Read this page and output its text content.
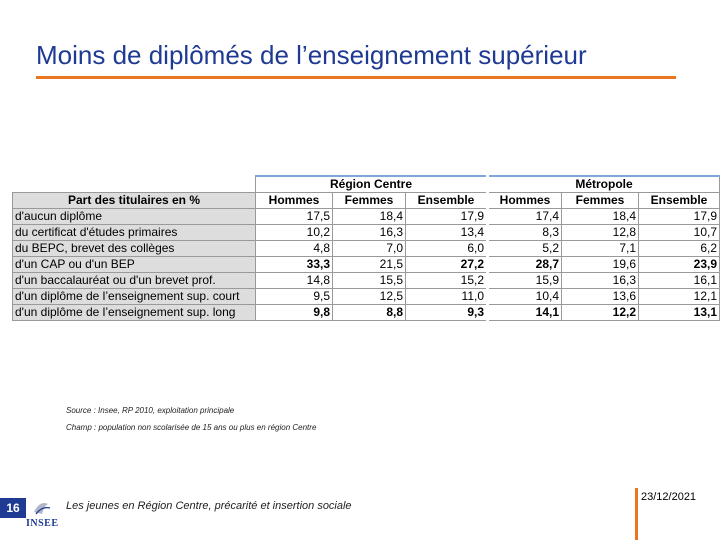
Moins de diplômés de l’enseignement supérieur
	Région Centre			Métropole		
Part des titulaires en %	Hommes	Femmes	Ensemble	Hommes	Femmes	Ensemble
d'aucun diplôme	17,5	18,4	17,9	17,4	18,4	17,9
du certificat d'études primaires	10,2	16,3	13,4	8,3	12,8	10,7
du BEPC, brevet des collèges	4,8	7,0	6,0	5,2	7,1	6,2
d'un CAP ou d'un BEP	33,3	21,5	27,2	28,7	19,6	23,9
d'un baccalauréat ou d'un brevet prof.	14,8	15,5	15,2	15,9	16,3	16,1
d'un diplôme de l’enseignement sup. court	9,5	12,5	11,0	10,4	13,6	12,1
d'un diplôme de l’enseignement sup. long	9,8	8,8	9,3	14,1	12,2	13,1
Source : Insee, RP 2010, exploitation principale
Champ : population non scolarisée de 15 ans ou plus en région Centre
16
INSEE
Les jeunes en Région Centre, précarité et insertion sociale
23/12/2021
